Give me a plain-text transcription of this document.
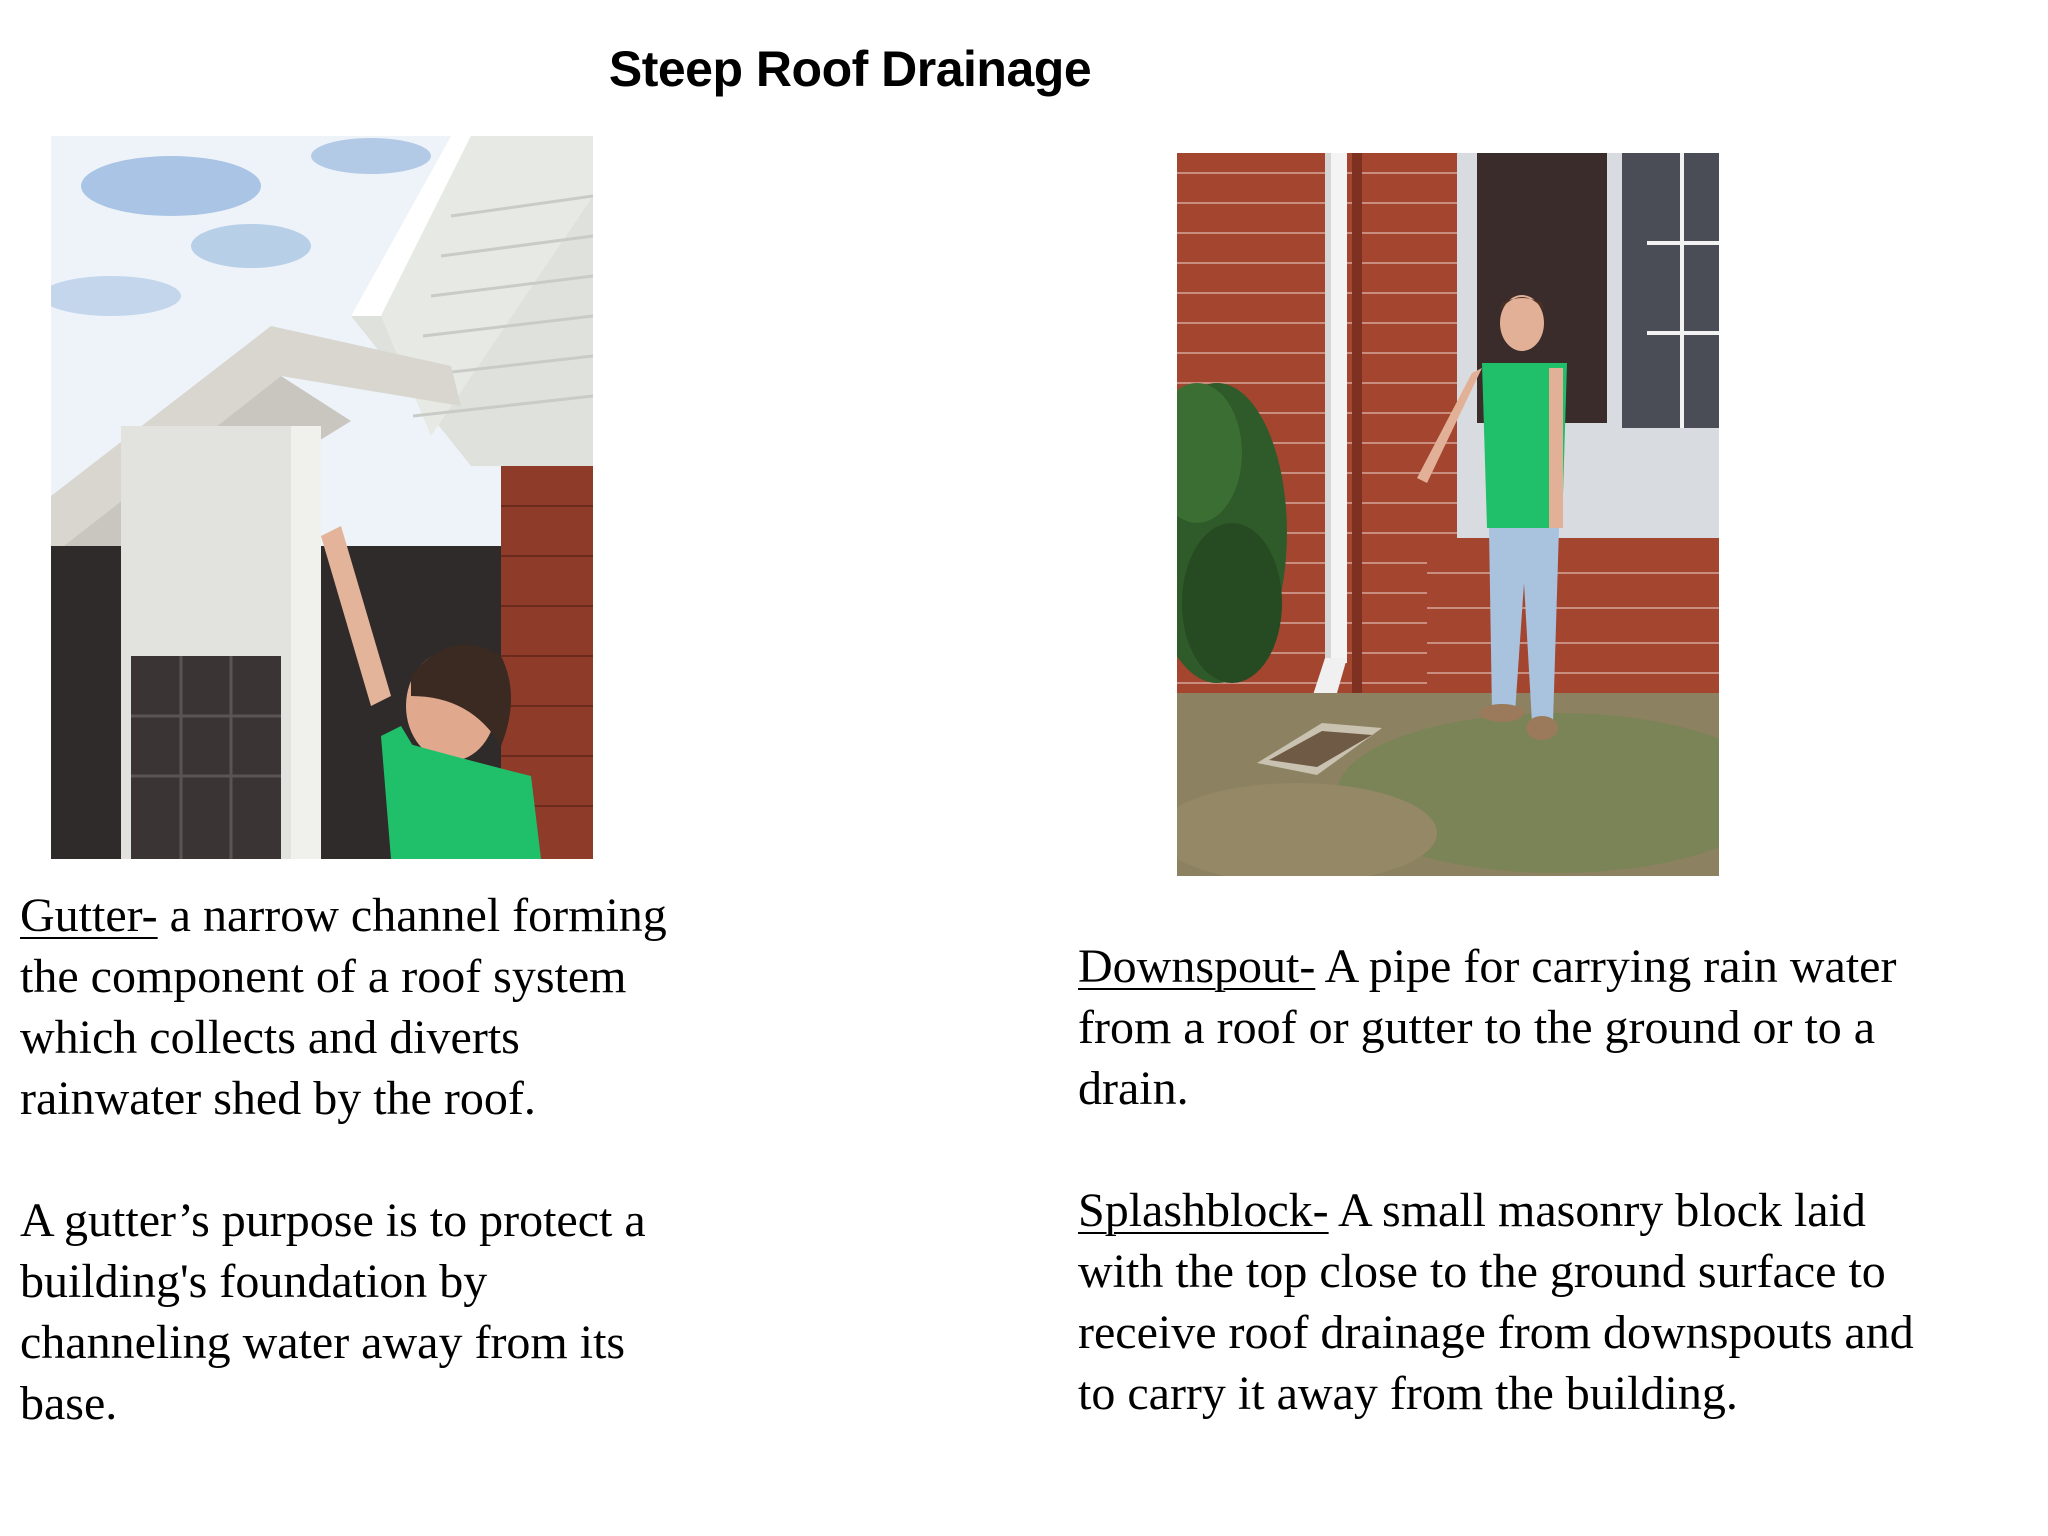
Steep Roof Drainage

Gutter- a narrow channel forming the component of a roof system which collects and diverts rainwater shed by the roof.

A gutter’s purpose is to protect a building's foundation by channeling water away from its base.

Downspout- A pipe for carrying rain water from a roof or gutter to the ground or to a drain.

Splashblock- A small masonry block laid with the top close to the ground surface to receive roof drainage from downspouts and to carry it away from the building.
